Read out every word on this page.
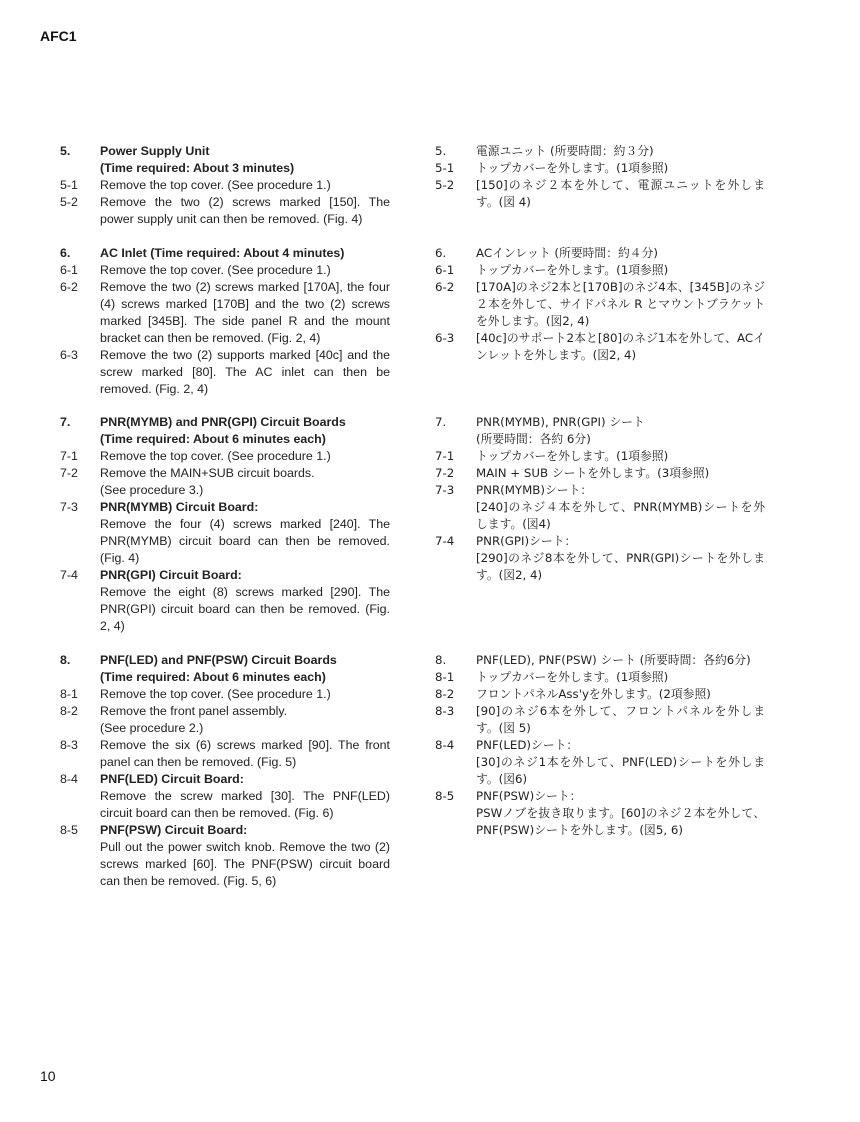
AFC1
5.	Power Supply Unit
(Time required: About 3 minutes)
5-1	Remove the top cover. (See procedure 1.)
5-2	Remove the two (2) screws marked [150]. The power supply unit can then be removed. (Fig. 4)
6.	AC Inlet (Time required: About 4 minutes)
6-1	Remove the top cover. (See procedure 1.)
6-2	Remove the two (2) screws marked [170A], the four (4) screws marked [170B] and the two (2) screws marked [345B]. The side panel R and the mount bracket can then be removed. (Fig. 2, 4)
6-3	Remove the two (2) supports marked [40c] and the screw marked [80]. The AC inlet can then be removed. (Fig. 2, 4)
7.	PNR(MYMB) and PNR(GPI) Circuit Boards
(Time required: About 6 minutes each)
7-1	Remove the top cover. (See procedure 1.)
7-2	Remove the MAIN+SUB circuit boards.
(See procedure 3.)
7-3	PNR(MYMB) Circuit Board:
Remove the four (4) screws marked [240]. The PNR(MYMB) circuit board can then be removed. (Fig. 4)
7-4	PNR(GPI) Circuit Board:
Remove the eight (8) screws marked [290]. The PNR(GPI) circuit board can then be removed. (Fig. 2, 4)
8.	PNF(LED) and PNF(PSW) Circuit Boards
(Time required: About 6 minutes each)
8-1	Remove the top cover. (See procedure 1.)
8-2	Remove the front panel assembly.
(See procedure 2.)
8-3	Remove the six (6) screws marked [90]. The front panel can then be removed. (Fig. 5)
8-4	PNF(LED) Circuit Board:
Remove the screw marked [30]. The PNF(LED) circuit board can then be removed. (Fig. 6)
8-5	PNF(PSW) Circuit Board:
Pull out the power switch knob. Remove the two (2) screws marked [60]. The PNF(PSW) circuit board can then be removed. (Fig. 5, 6)
5.	電源ユニット (所要時間：約３分)
5-1	トップカバーを外します。(1項参照)
5-2	[150]のネジ２本を外して、電源ユニットを外します。(図 4)
6.	ACインレット (所要時間：約４分)
6-1	トップカバーを外します。(1項参照)
6-2	[170A]のネジ2本と[170B]のネジ4本、[345B]のネジ２本を外して、サイドパネル R とマウントブラケットを外します。(図2, 4)
6-3	[40c]のサポート2本と[80]のネジ1本を外して、ACインレットを外します。(図2, 4)
7.	PNR(MYMB), PNR(GPI) シート
(所要時間：各約 6分)
7-1	トップカバーを外します。(1項参照)
7-2	MAIN + SUB シートを外します。(3項参照)
7-3	PNR(MYMB)シート：
[240]のネジ４本を外して、PNR(MYMB)シートを外します。(図4)
7-4	PNR(GPI)シート：
[290]のネジ8本を外して、PNR(GPI)シートを外します。(図2, 4)
8.	PNF(LED), PNF(PSW) シート (所要時間：各約6分)
8-1	トップカバーを外します。(1項参照)
8-2	フロントパネルAss'yを外します。(2項参照)
8-3	[90]のネジ6本を外して、フロントパネルを外します。(図 5)
8-4	PNF(LED)シート：
[30]のネジ1本を外して、PNF(LED)シートを外します。(図6)
8-5	PNF(PSW)シート：
PSWノブを抜き取ります。[60]のネジ２本を外して、PNF(PSW)シートを外します。(図5, 6)
10
